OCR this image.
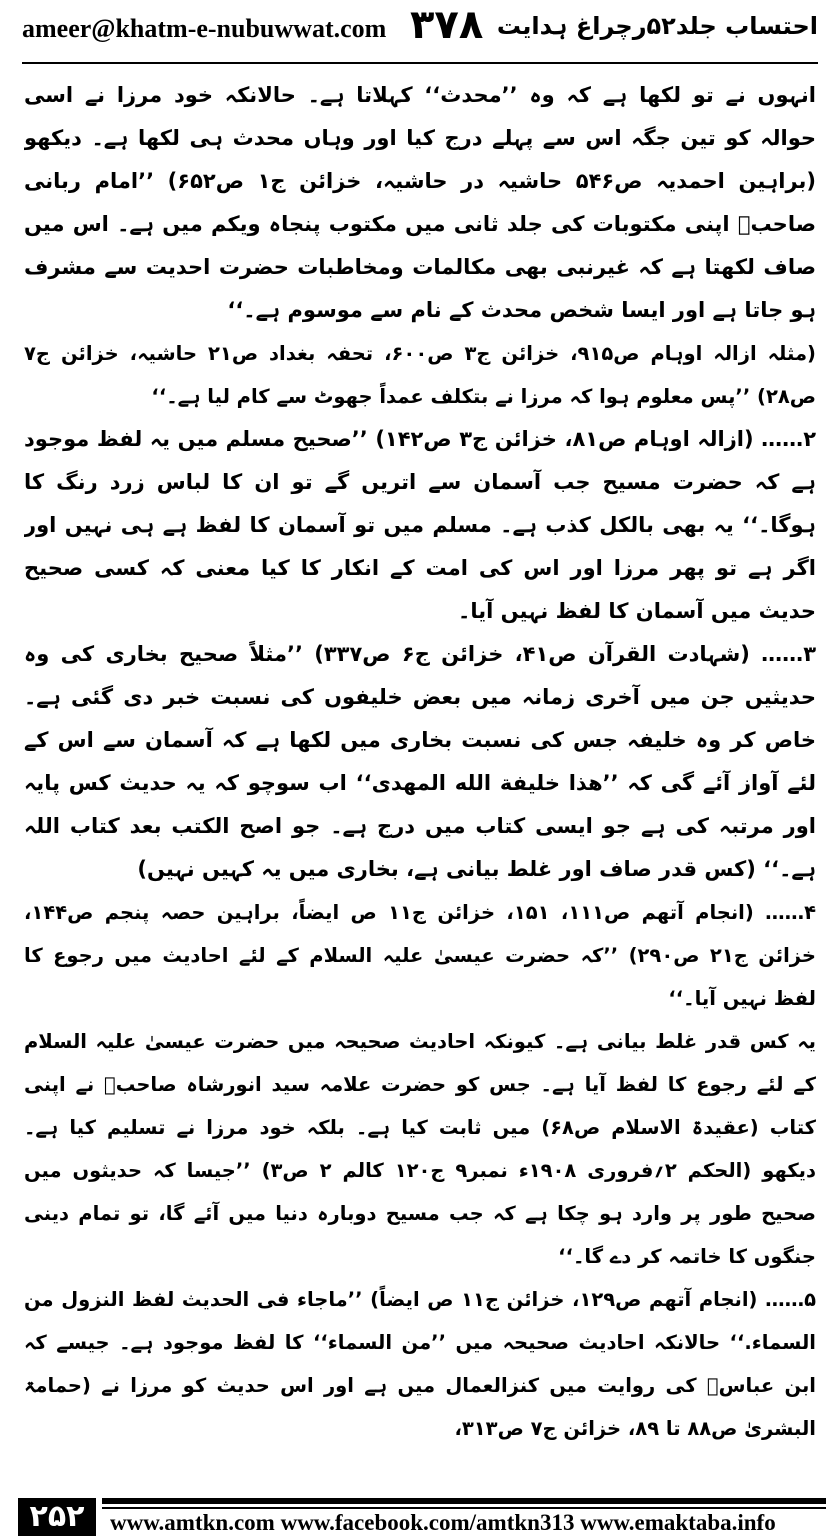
ameer@khatm-e-nubuwwat.com ۳۷۸ احتساب جلد۵۲رچراغ ہدایت

انہوں نے تو لکھا ہے کہ وہ ’’محدث‘‘ کہلاتا ہے۔ حالانکہ خود مرزا نے اسی حوالہ کو تین جگہ اس سے پہلے درج کیا اور وہاں محدث ہی لکھا ہے۔ دیکھو (براہین احمدیہ ص۵۴۶ حاشیہ در حاشیہ، خزائن ج۱ ص۶۵۲) ’’امام ربانی صاحبؒ اپنی مکتوبات کی جلد ثانی میں مکتوب پنجاہ ویکم میں ہے۔ اس میں صاف لکھتا ہے کہ غیرنبی بھی مکالمات ومخاطبات حضرت احدیت سے مشرف ہو جاتا ہے اور ایسا شخص محدث کے نام سے موسوم ہے۔‘‘

(مثلہ ازالہ اوہام ص۹۱۵، خزائن ج۳ ص۶۰۰، تحفہ بغداد ص۲۱ حاشیہ، خزائن ج۷ ص۲۸) ’’پس معلوم ہوا کہ مرزا نے بتکلف عمداً جھوٹ سے کام لیا ہے۔‘‘

۲…… (ازالہ اوہام ص۸۱، خزائن ج۳ ص۱۴۲) ’’صحیح مسلم میں یہ لفظ موجود ہے کہ حضرت مسیح جب آسمان سے اتریں گے تو ان کا لباس زرد رنگ کا ہوگا۔‘‘ یہ بھی بالکل کذب ہے۔ مسلم میں تو آسمان کا لفظ ہے ہی نہیں اور اگر ہے تو پھر مرزا اور اس کی امت کے انکار کا کیا معنی کہ کسی صحیح حدیث میں آسمان کا لفظ نہیں آیا۔

۳…… (شہادت القرآن ص۴۱، خزائن ج۶ ص۳۳۷) ’’مثلاً صحیح بخاری کی وہ حدیثیں جن میں آخری زمانہ میں بعض خلیفوں کی نسبت خبر دی گئی ہے۔ خاص کر وہ خلیفہ جس کی نسبت بخاری میں لکھا ہے کہ آسمان سے اس کے لئے آواز آئے گی کہ ’’هذا خليفة الله المهدى‘‘ اب سوچو کہ یہ حدیث کس پایہ اور مرتبہ کی ہے جو ایسی کتاب میں درج ہے۔ جو اصح الکتب بعد کتاب اللہ ہے۔‘‘ (کس قدر صاف اور غلط بیانی ہے، بخاری میں یہ کہیں نہیں)

۴…… (انجام آتھم ص۱۱۱، ۱۵۱، خزائن ج۱۱ ص ایضاً، براہین حصہ پنجم ص۱۴۴، خزائن ج۲۱ ص۲۹۰) ’’کہ حضرت عیسیٰ علیہ السلام کے لئے احادیث میں رجوع کا لفظ نہیں آیا۔‘‘

یہ کس قدر غلط بیانی ہے۔ کیونکہ احادیث صحیحہ میں حضرت عیسیٰ علیہ السلام کے لئے رجوع کا لفظ آیا ہے۔ جس کو حضرت علامہ سید انورشاہ صاحبؒ نے اپنی کتاب (عقیدۃ الاسلام ص۶۸) میں ثابت کیا ہے۔ بلکہ خود مرزا نے تسلیم کیا ہے۔ دیکھو (الحکم ۲؍فروری ۱۹۰۸ء نمبر۹ ج۱۲۰ کالم ۲ ص۳) ’’جیسا کہ حدیثوں میں صحیح طور پر وارد ہو چکا ہے کہ جب مسیح دوبارہ دنیا میں آئے گا، تو تمام دینی جنگوں کا خاتمہ کر دے گا۔‘‘

۵…… (انجام آتھم ص۱۲۹، خزائن ج۱۱ ص ایضاً) ’’ماجاء فى الحديث لفظ النزول من السماء.‘‘ حالانکہ احادیث صحیحہ میں ’’من السماء‘‘ کا لفظ موجود ہے۔ جیسے کہ ابن عباسؓ کی روایت میں کنزالعمال میں ہے اور اس حدیث کو مرزا نے (حمامۃ البشریٰ ص۸۸ تا ۸۹، خزائن ج۷ ص۳۱۳،

۲۵۲	www.amtkn.com www.facebook.com/amtkn313 www.emaktaba.info
